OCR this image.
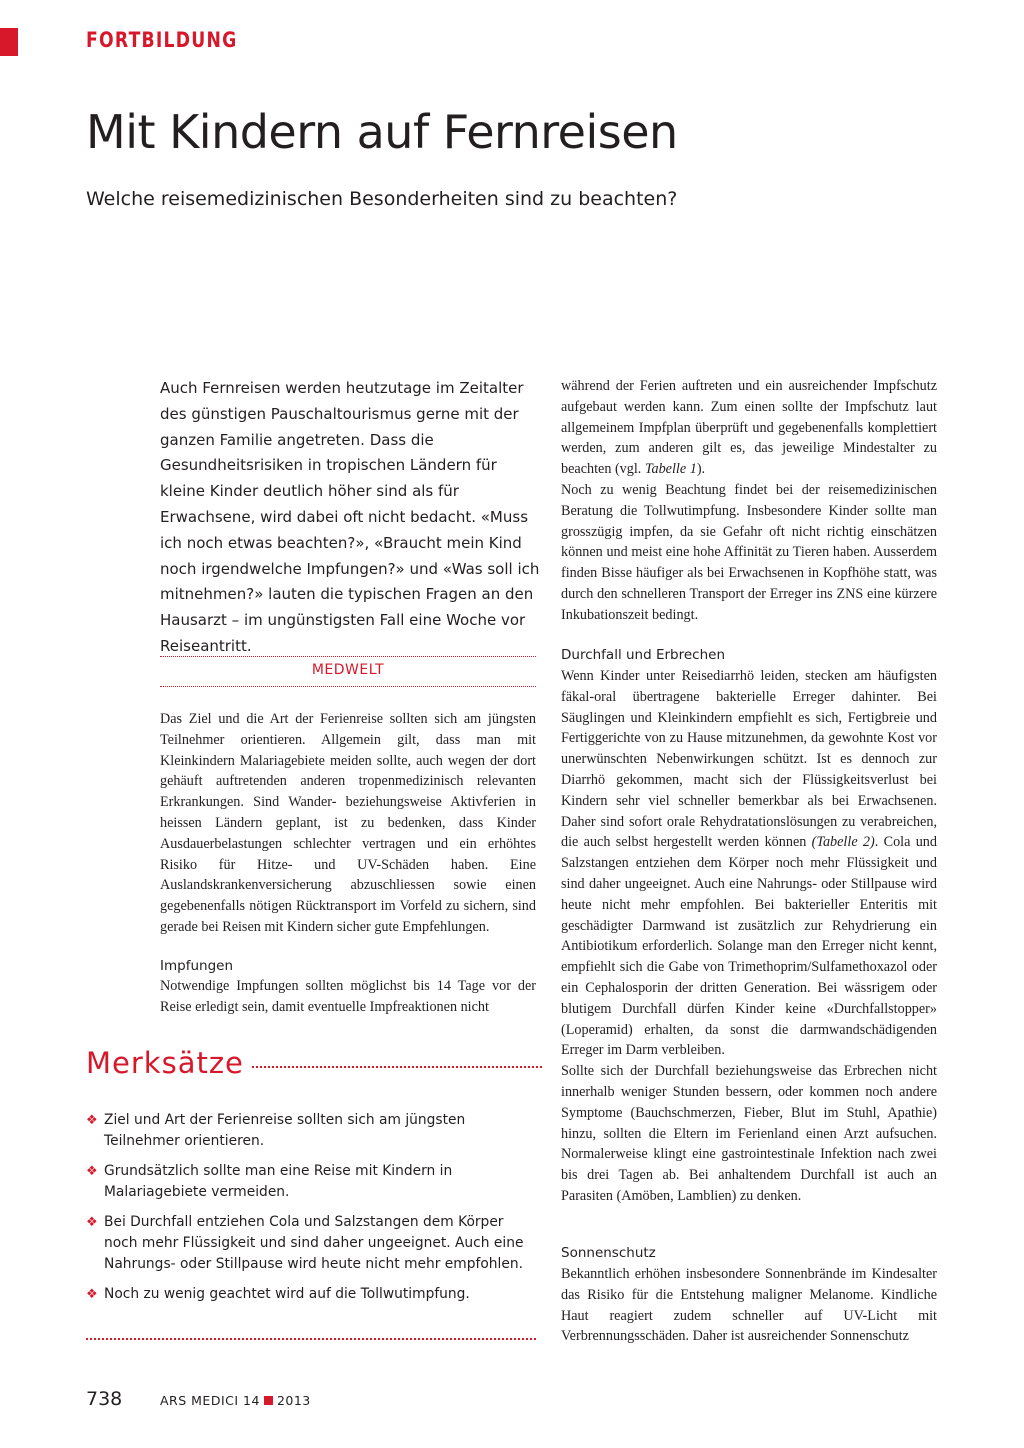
FORTBILDUNG
Mit Kindern auf Fernreisen
Welche reisemedizinischen Besonderheiten sind zu beachten?

Auch Fernreisen werden heutzutage im Zeitalter des günstigen Pauschaltourismus gerne mit der ganzen Familie angetreten. Dass die Gesundheitsrisiken in tropischen Ländern für kleine Kinder deutlich höher sind als für Erwachsene, wird dabei oft nicht bedacht. «Muss ich noch etwas beachten?», «Braucht mein Kind noch irgendwelche Impfungen?» und «Was soll ich mitnehmen?» lauten die typischen Fragen an den Hausarzt – im ungünstigsten Fall eine Woche vor Reiseantritt.

MEDWELT

Das Ziel und die Art der Ferienreise sollten sich am jüngsten Teilnehmer orientieren. Allgemein gilt, dass man mit Kleinkindern Malariagebiete meiden sollte, auch wegen der dort gehäuft auftretenden anderen tropenmedizinisch relevanten Erkrankungen. Sind Wander- beziehungsweise Aktivferien in heissen Ländern geplant, ist zu bedenken, dass Kinder Ausdauerbelastungen schlechter vertragen und ein erhöhtes Risiko für Hitze- und UV-Schäden haben. Eine Auslandskrankenversicherung abzuschliessen sowie einen gegebenenfalls nötigen Rücktransport im Vorfeld zu sichern, sind gerade bei Reisen mit Kindern sicher gute Empfehlungen.

Impfungen

Notwendige Impfungen sollten möglichst bis 14 Tage vor der Reise erledigt sein, damit eventuelle Impfreaktionen nicht

Merksätze
❖ Ziel und Art der Ferienreise sollten sich am jüngsten Teilnehmer orientieren.
❖ Grundsätzlich sollte man eine Reise mit Kindern in Malariagebiete vermeiden.
❖ Bei Durchfall entziehen Cola und Salzstangen dem Körper noch mehr Flüssigkeit und sind daher ungeeignet. Auch eine Nahrungs- oder Stillpause wird heute nicht mehr empfohlen.
❖ Noch zu wenig geachtet wird auf die Tollwutimpfung.

während der Ferien auftreten und ein ausreichender Impfschutz aufgebaut werden kann. Zum einen sollte der Impfschutz laut allgemeinem Impfplan überprüft und gegebenenfalls komplettiert werden, zum anderen gilt es, das jeweilige Mindestalter zu beachten (vgl. Tabelle 1).

Noch zu wenig Beachtung findet bei der reisemedizinischen Beratung die Tollwutimpfung. Insbesondere Kinder sollte man grosszügig impfen, da sie Gefahr oft nicht richtig einschätzen können und meist eine hohe Affinität zu Tieren haben. Ausserdem finden Bisse häufiger als bei Erwachsenen in Kopfhöhe statt, was durch den schnelleren Transport der Erreger ins ZNS eine kürzere Inkubationszeit bedingt.

Durchfall und Erbrechen

Wenn Kinder unter Reisediarrhö leiden, stecken am häufigsten fäkal-oral übertragene bakterielle Erreger dahinter. Bei Säuglingen und Kleinkindern empfiehlt es sich, Fertigbreie und Fertiggerichte von zu Hause mitzunehmen, da gewohnte Kost vor unerwünschten Nebenwirkungen schützt. Ist es dennoch zur Diarrhö gekommen, macht sich der Flüssigkeitsverlust bei Kindern sehr viel schneller bemerkbar als bei Erwachsenen. Daher sind sofort orale Rehydratationslösungen zu verabreichen, die auch selbst hergestellt werden können (Tabelle 2). Cola und Salzstangen entziehen dem Körper noch mehr Flüssigkeit und sind daher ungeeignet. Auch eine Nahrungs- oder Stillpause wird heute nicht mehr empfohlen. Bei bakterieller Enteritis mit geschädigter Darmwand ist zusätzlich zur Rehydrierung ein Antibiotikum erforderlich. Solange man den Erreger nicht kennt, empfiehlt sich die Gabe von Trimethoprim/Sulfamethoxazol oder ein Cephalosporin der dritten Generation. Bei wässrigem oder blutigem Durchfall dürfen Kinder keine «Durchfallstopper» (Loperamid) erhalten, da sonst die darmwandschädigenden Erreger im Darm verbleiben.

Sollte sich der Durchfall beziehungsweise das Erbrechen nicht innerhalb weniger Stunden bessern, oder kommen noch andere Symptome (Bauchschmerzen, Fieber, Blut im Stuhl, Apathie) hinzu, sollten die Eltern im Ferienland einen Arzt aufsuchen. Normalerweise klingt eine gastrointestinale Infektion nach zwei bis drei Tagen ab. Bei anhaltendem Durchfall ist auch an Parasiten (Amöben, Lamblien) zu denken.

Sonnenschutz

Bekanntlich erhöhen insbesondere Sonnenbrände im Kindesalter das Risiko für die Entstehung maligner Melanome. Kindliche Haut reagiert zudem schneller auf UV-Licht mit Verbrennungsschäden. Daher ist ausreichender Sonnenschutz

738	ARS MEDICI 14 2013
